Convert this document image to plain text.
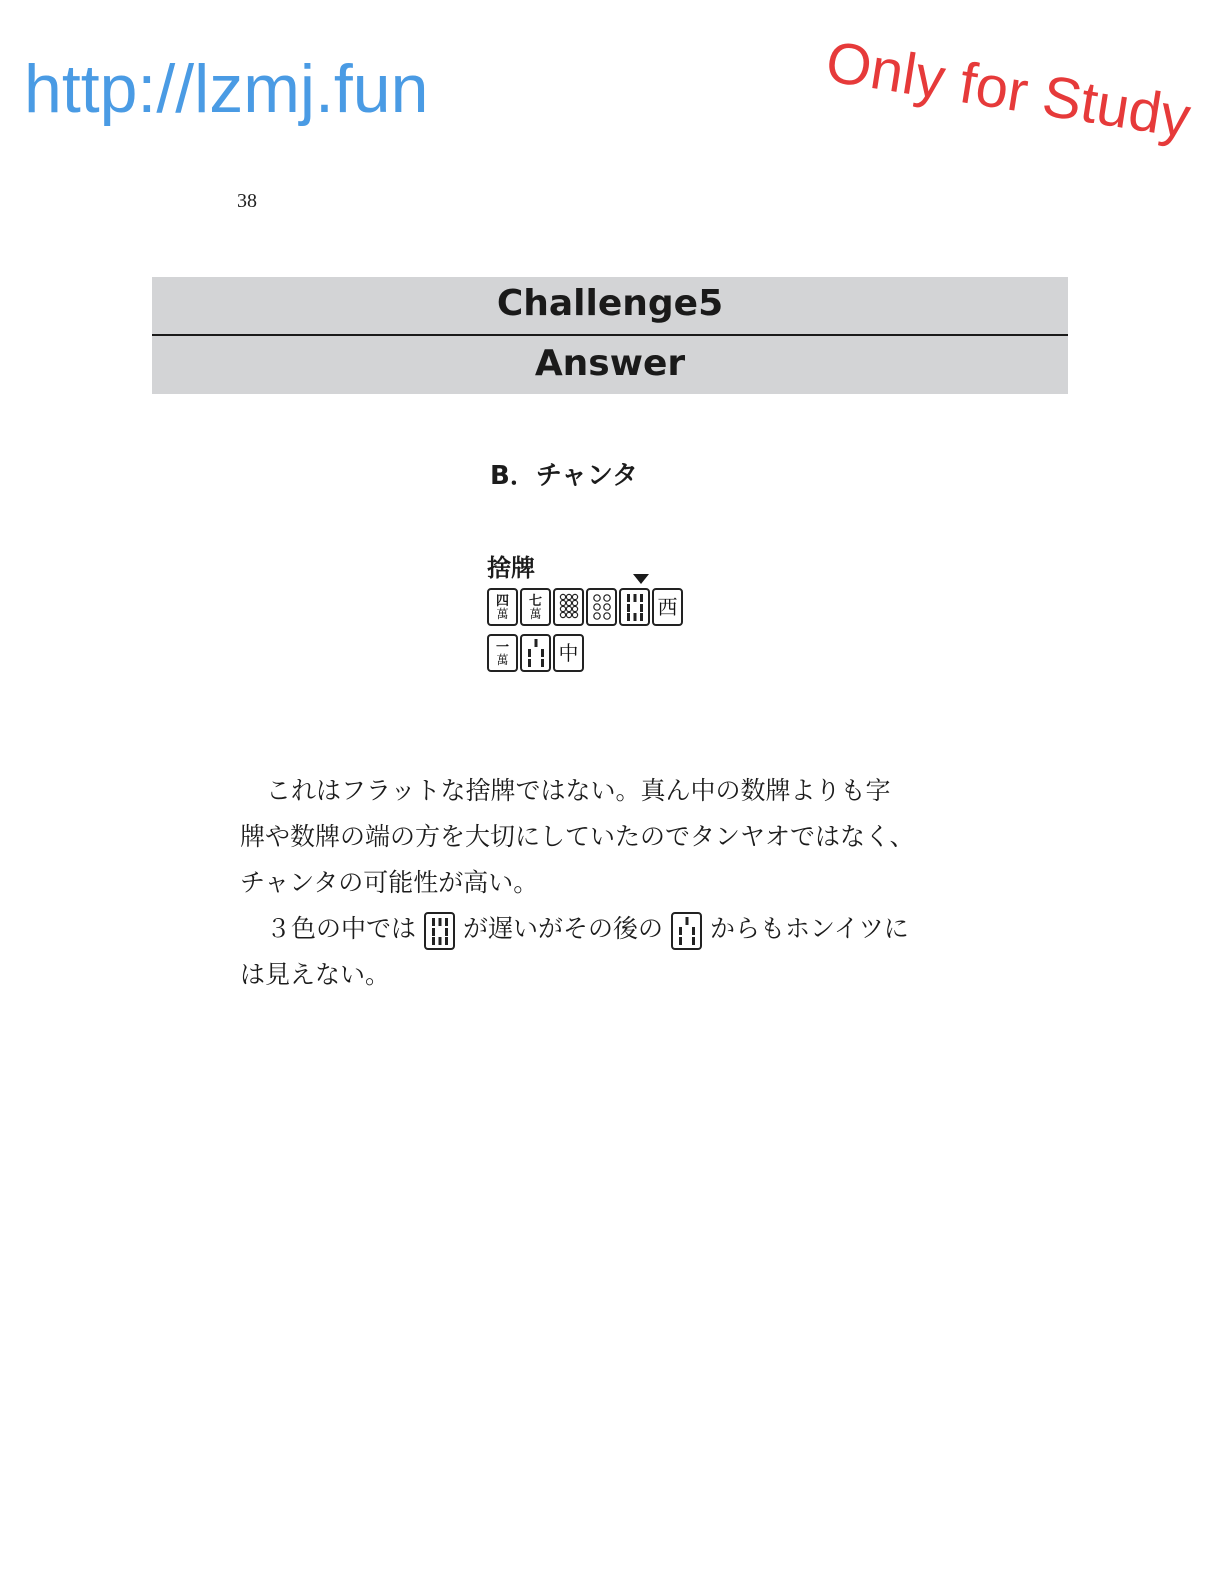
http://lzmj.fun	Only for Study
38
Challenge5
Answer
B．チャンタ
捨牌
四
萬
七
萬	西
一
萬	中
これはフラットな捨牌ではない。真ん中の数牌よりも字
牌や数牌の端の方を大切にしていたのでタンヤオではなく、
チャンタの可能性が高い。
３色の中では が遅いがその後の からもホンイツに
は見えない。
